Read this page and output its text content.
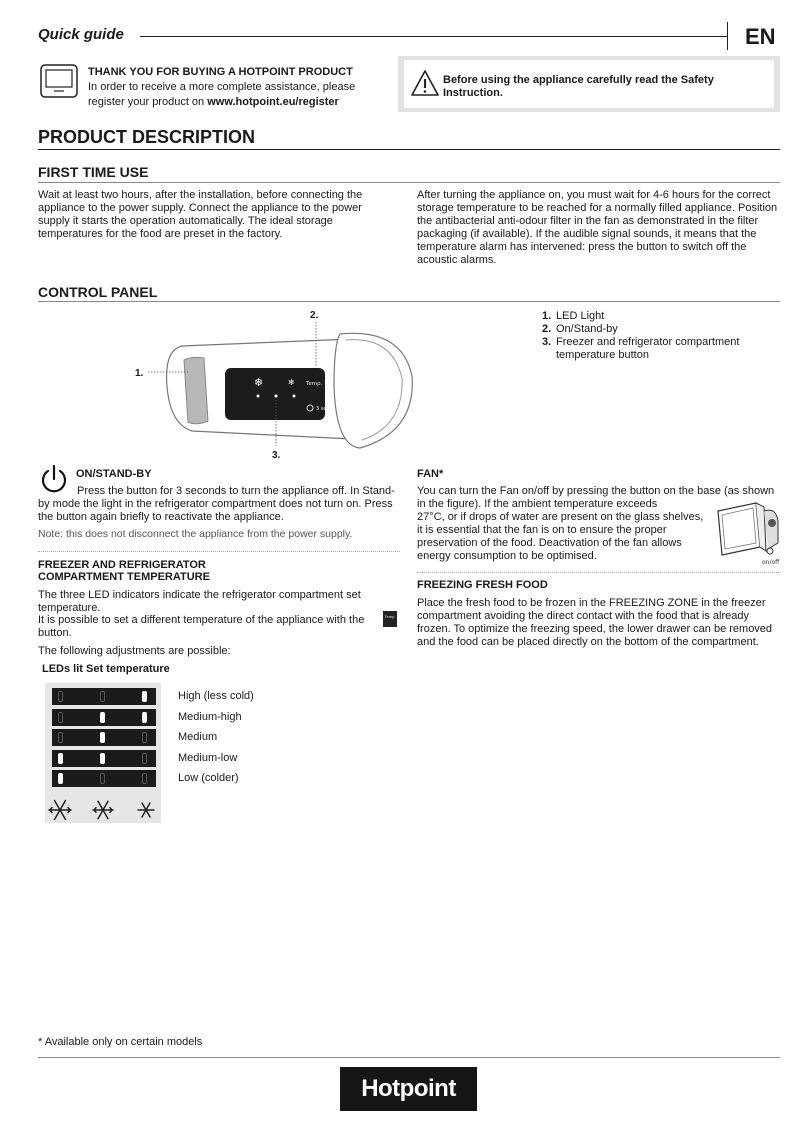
Quick guide	EN
THANK YOU FOR BUYING A HOTPOINT PRODUCT
In order to receive a more complete assistance, please
register your product on www.hotpoint.eu/register
Before using the appliance carefully read the Safety Instruction.
PRODUCT DESCRIPTION
FIRST TIME USE
Wait at least two hours, after the installation, before connecting the appliance to the power supply. Connect the appliance to the power supply it starts the operation automatically. The ideal storage temperatures for the food are preset in the factory.
After turning the appliance on, you must wait for 4-6 hours for the correct storage temperature to be reached for a normally filled appliance. Position the antibacterial anti-odour filter in the fan as demonstrated in the filter packaging (if available). If the audible signal sounds, it means that the temperature alarm has intervened: press the button to switch off the acoustic alarms.
CONTROL PANEL
❄	❄ Temp.
3 sec
2.
1.
3.
1. LED Light
2. On/Stand-by
3. Freezer and refrigerator compartment temperature button
ON/STAND-BY
Press the button for 3 seconds to turn the appliance off. In Stand-by mode the light in the refrigerator compartment does not turn on. Press the button again briefly to reactivate the appliance.
Note: this does not disconnect the appliance from the power supply.
FREEZER AND REFRIGERATOR
COMPARTMENT TEMPERATURE
The three LED indicators indicate the refrigerator compartment set temperature.
It is possible to set a different temperature of the appliance with the	Temp.
button.
The following adjustments are possible:
LEDs lit Set temperature
High (less cold)
Medium-high
Medium
Medium-low
Low (colder)
FAN*
You can turn the Fan on/off by pressing the button on the base (as shown in the figure). If the ambient temperature exceeds
27°C, or if drops of water are present on the glass shelves, it is essential that the fan is on to ensure the proper preservation of the food. Deactivation of the fan allows energy consumption to be optimised.
on/off
FREEZING FRESH FOOD
Place the fresh food to be frozen in the FREEZING ZONE in the freezer compartment avoiding the direct contact with the food that is already frozen. To optimize the freezing speed, the lower drawer can be removed and the food can be placed directly on the bottom of the compartment.
* Available only on certain models
Hotpoint
